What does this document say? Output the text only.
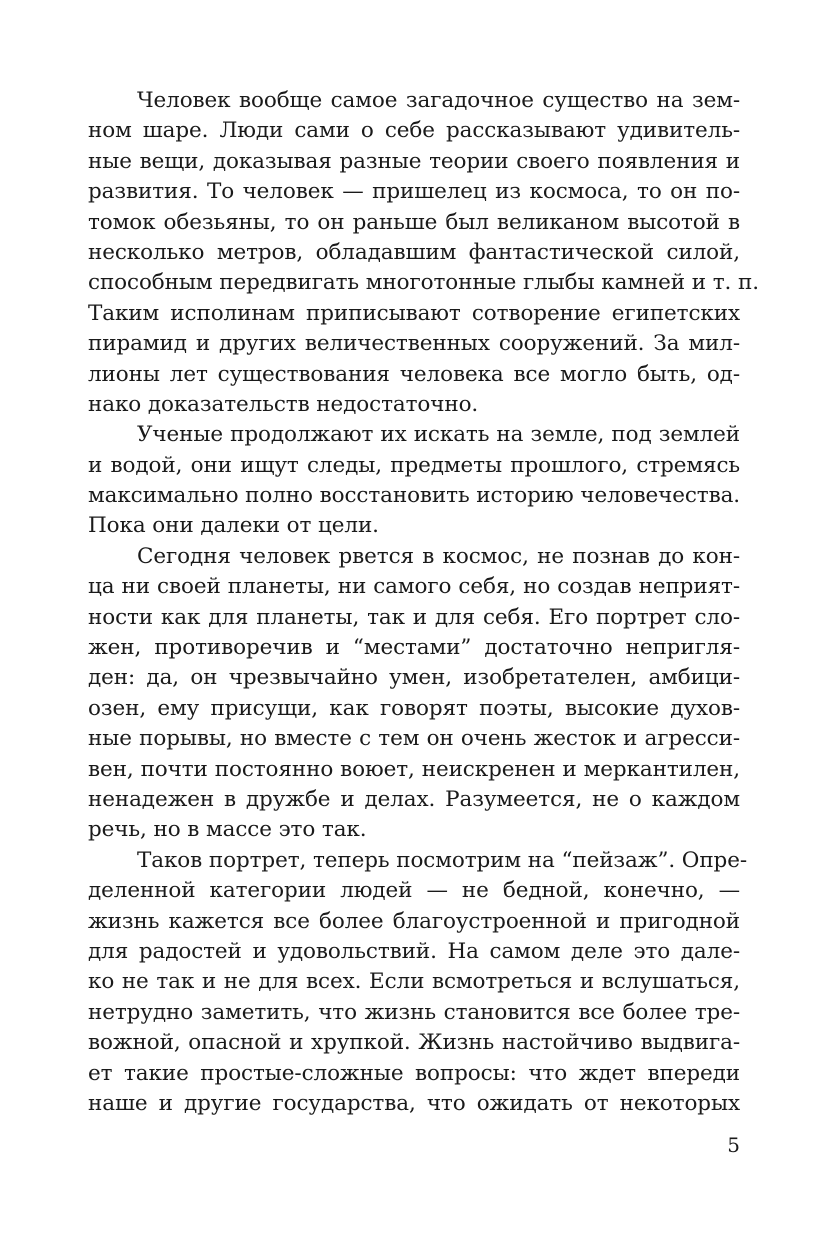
Человек вообще самое загадочное существо на зем-
ном шаре. Люди сами о себе рассказывают удивитель-
ные вещи, доказывая разные теории своего появления и
развития. То человек — пришелец из космоса, то он по-
томок обезьяны, то он раньше был великаном высотой в
несколько метров, обладавшим фантастической силой,
способным передвигать многотонные глыбы камней и т. п.
Таким исполинам приписывают сотворение египетских
пирамид и других величественных сооружений. За мил-
лионы лет существования человека все могло быть, од-
нако доказательств недостаточно.
Ученые продолжают их искать на земле, под землей
и водой, они ищут следы, предметы прошлого, стремясь
максимально полно восстановить историю человечества.
Пока они далеки от цели.
Сегодня человек рвется в космос, не познав до кон-
ца ни своей планеты, ни самого себя, но создав неприят-
ности как для планеты, так и для себя. Его портрет сло-
жен, противоречив и “местами” достаточно непригля-
ден: да, он чрезвычайно умен, изобретателен, амбици-
озен, ему присущи, как говорят поэты, высокие духов-
ные порывы, но вместе с тем он очень жесток и агресси-
вен, почти постоянно воюет, неискренен и меркантилен,
ненадежен в дружбе и делах. Разумеется, не о каждом
речь, но в массе это так.
Таков портрет, теперь посмотрим на “пейзаж”. Опре-
деленной категории людей — не бедной, конечно, —
жизнь кажется все более благоустроенной и пригодной
для радостей и удовольствий. На самом деле это дале-
ко не так и не для всех. Если всмотреться и вслушаться,
нетрудно заметить, что жизнь становится все более тре-
вожной, опасной и хрупкой. Жизнь настойчиво выдвига-
ет такие простые-сложные вопросы: что ждет впереди
наше и другие государства, что ожидать от некоторых
5
